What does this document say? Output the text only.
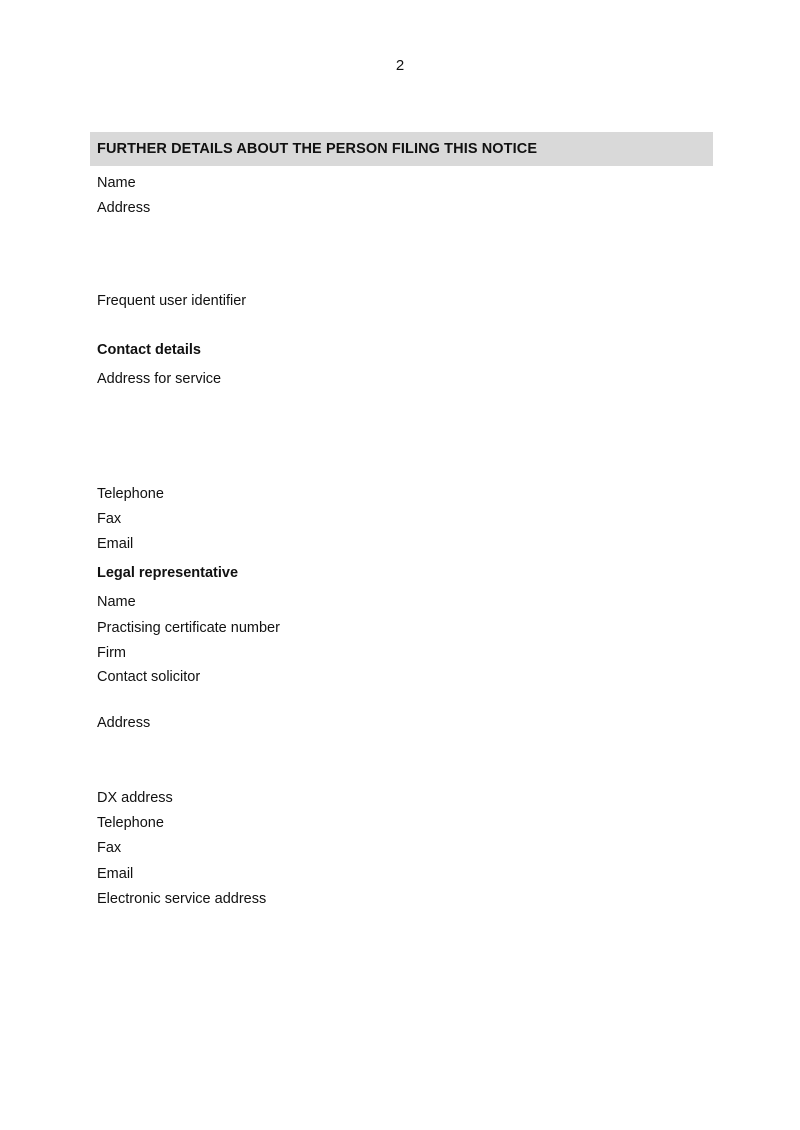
2
FURTHER DETAILS ABOUT THE PERSON FILING THIS NOTICE
Name
Address
Frequent user identifier
Contact details
Address for service
Telephone
Fax
Email
Legal representative
Name
Practising certificate number
Firm
Contact solicitor
Address
DX address
Telephone
Fax
Email
Electronic service address
